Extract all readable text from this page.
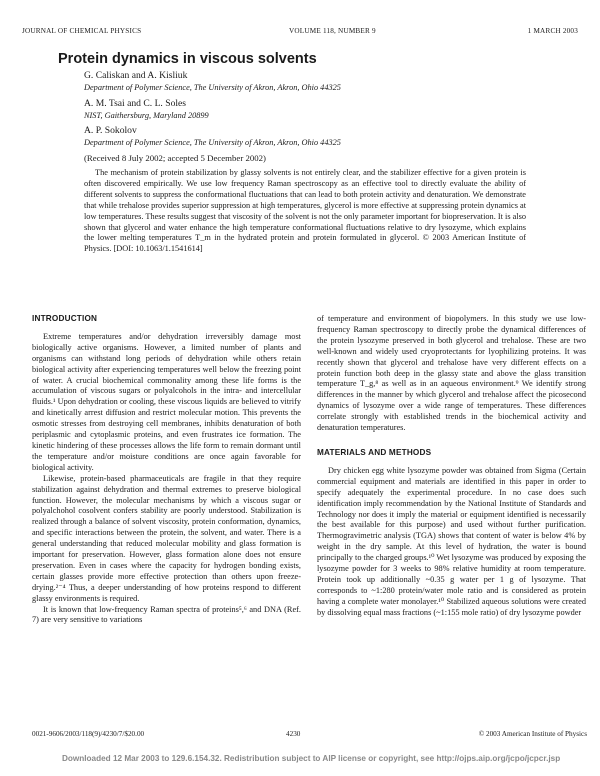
JOURNAL OF CHEMICAL PHYSICS	VOLUME 118, NUMBER 9	1 MARCH 2003
Protein dynamics in viscous solvents
G. Caliskan and A. Kisliuk
Department of Polymer Science, The University of Akron, Akron, Ohio 44325
A. M. Tsai and C. L. Soles
NIST, Gaithersburg, Maryland 20899
A. P. Sokolov
Department of Polymer Science, The University of Akron, Akron, Ohio 44325
(Received 8 July 2002; accepted 5 December 2002)

The mechanism of protein stabilization by glassy solvents is not entirely clear, and the stabilizer effective for a given protein is often discovered empirically. We use low frequency Raman spectroscopy as an effective tool to directly evaluate the ability of different solvents to suppress the conformational fluctuations that can lead to both protein activity and denaturation. We demonstrate that while trehalose provides superior suppression at high temperatures, glycerol is more effective at suppressing protein dynamics at low temperatures. These results suggest that viscosity of the solvent is not the only parameter important for biopreservation. It is also shown that glycerol and water enhance the high temperature conformational fluctuations relative to dry lysozyme, which explains the lower melting temperatures T_m in the hydrated protein and protein formulated in glycerol. © 2003 American Institute of Physics. [DOI: 10.1063/1.1541614]

INTRODUCTION

Extreme temperatures and/or dehydration irreversibly damage most biologically active organisms. However, a limited number of plants and organisms can withstand long periods of dehydration while others retain biological activity after experiencing temperatures well below the freezing point of water. A crucial biochemical commonality among these life forms is the accumulation of viscous sugars or polyalcohols in the intra- and intercellular fluids.¹ Upon dehydration or cooling, these viscous liquids are believed to vitrify and kinetically arrest diffusion and restrict molecular motion. This prevents the osmotic stresses from destroying cell membranes, inhibits denaturation of both periplasmic and cytoplasmic proteins, and even frustrates ice formation. The kinetic hindering of these processes allows the life form to remain dormant until the temperature and/or moisture conditions are once again favorable for biological activity.

Likewise, protein-based pharmaceuticals are fragile in that they require stabilization against dehydration and thermal extremes to preserve biological function. However, the molecular mechanisms by which a viscous sugar or polyalchohol cosolvent confers stability are poorly understood. Stabilization is realized through a balance of solvent viscosity, protein conformation, dynamics, and specific interactions between the protein, the solvent, and water. There is a general understanding that reduced molecular mobility and glass formation is important for preservation. However, glass formation alone does not ensure preservation. Even in cases where the capacity for hydrogen bonding exists, certain glasses provide more effective protection than others upon freeze-drying.²⁻⁴ Thus, a deeper understanding of how proteins respond to different glassy environments is required.

It is known that low-frequency Raman spectra of proteins⁵,⁶ and DNA (Ref. 7) are very sensitive to variations

of temperature and environment of biopolymers. In this study we use low-frequency Raman spectroscopy to directly probe the dynamical differences of the protein lysozyme preserved in both glycerol and trehalose. These are two well-known and widely used cryoprotectants for lyophilizing proteins. It was recently shown that glycerol and trehalose have very different effects on a protein function both deep in the glassy state and above the glass transition temperature T_g,⁸ as well as in an aqueous environment.⁹ We identify strong differences in the manner by which glycerol and trehalose affect the picosecond dynamics of lysozyme over a wide range of temperatures. These differences correlate strongly with established trends in the biochemical activity and denaturation temperatures.

MATERIALS AND METHODS

Dry chicken egg white lysozyme powder was obtained from Sigma (Certain commercial equipment and materials are identified in this paper in order to specify adequately the experimental procedure. In no case does such identification imply recommendation by the National Institute of Standards and Technology nor does it imply the material or equipment identified is necessarily the best available for this purpose) and used without further purification. Thermogravimetric analysis (TGA) shows that content of water is below 4% by weight in the dry sample. At this level of hydration, the water is bound principally to the charged groups.¹⁰ Wet lysozyme was produced by exposing the lysozyme powder for 3 weeks to 98% relative humidity at room temperature. Protein took up additionally ~0.35 g water per 1 g of lysozyme. That corresponds to ~1:280 protein/water mole ratio and is considered as protein having a complete water monolayer.¹⁰ Stabilized aqueous solutions were created by dissolving equal mass fractions (~1:155 mole ratio) of dry lysozyme powder

0021-9606/2003/118(9)/4230/7/$20.00	4230	© 2003 American Institute of Physics
Downloaded 12 Mar 2003 to 129.6.154.32. Redistribution subject to AIP license or copyright, see http://ojps.aip.org/jcpo/jcpcr.jsp
